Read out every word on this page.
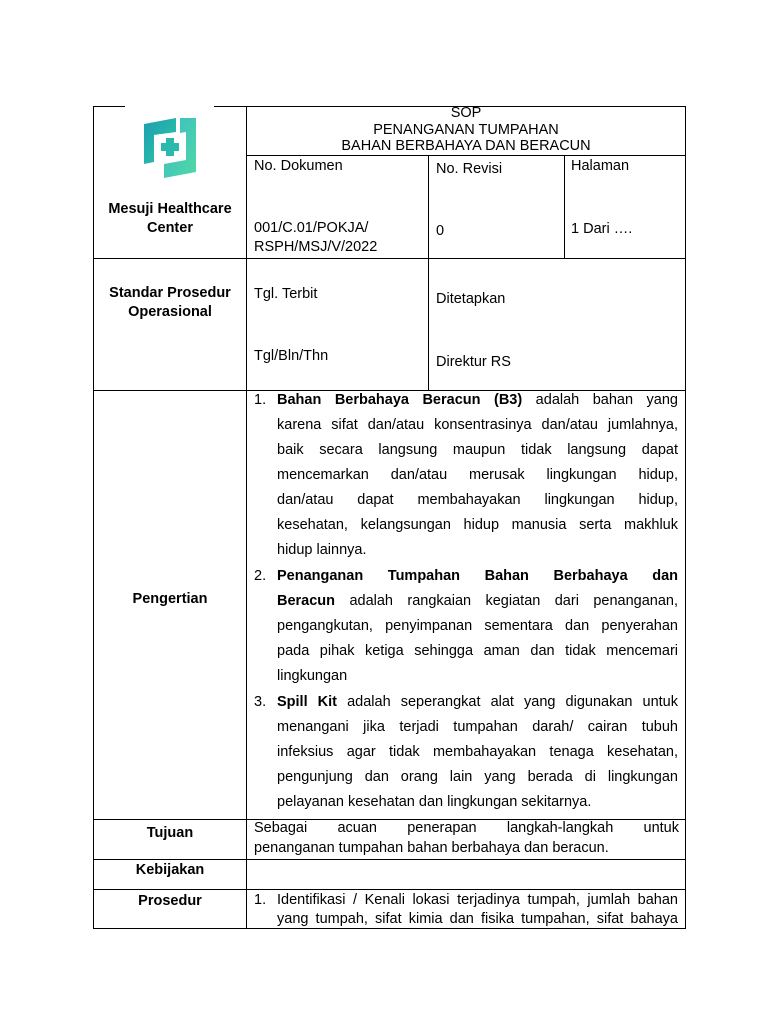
Mesuji Healthcare Center
SOP
PENANGANAN TUMPAHAN
BAHAN BERBAHAYA DAN BERACUN
No. Dokumen
001/C.01/POKJA/
RSPH/MSJ/V/2022
No. Revisi
0
Halaman
1 Dari ….
Standar Prosedur
Operasional
Tgl. Terbit
Tgl/Bln/Thn
Ditetapkan
Direktur RS
Pengertian
1. Bahan Berbahaya Beracun (B3) adalah bahan yang
karena sifat dan/atau konsentrasinya dan/atau jumlahnya,
baik secara langsung maupun tidak langsung dapat
mencemarkan dan/atau merusak lingkungan hidup,
dan/atau dapat membahayakan lingkungan hidup,
kesehatan, kelangsungan hidup manusia serta makhluk
hidup lainnya.
2. Penanganan Tumpahan Bahan Berbahaya dan
Beracun adalah rangkaian kegiatan dari penanganan,
pengangkutan, penyimpanan sementara dan penyerahan
pada pihak ketiga sehingga aman dan tidak mencemari
lingkungan
3. Spill Kit adalah seperangkat alat yang digunakan untuk
menangani jika terjadi tumpahan darah/ cairan tubuh
infeksius agar tidak membahayakan tenaga kesehatan,
pengunjung dan orang lain yang berada di lingkungan
pelayanan kesehatan dan lingkungan sekitarnya.
Tujuan	Sebagai acuan penerapan langkah-langkah untuk
penanganan tumpahan bahan berbahaya dan beracun.
Kebijakan
Prosedur	1. Identifikasi / Kenali lokasi terjadinya tumpah, jumlah bahan
yang tumpah, sifat kimia dan fisika tumpahan, sifat bahaya
